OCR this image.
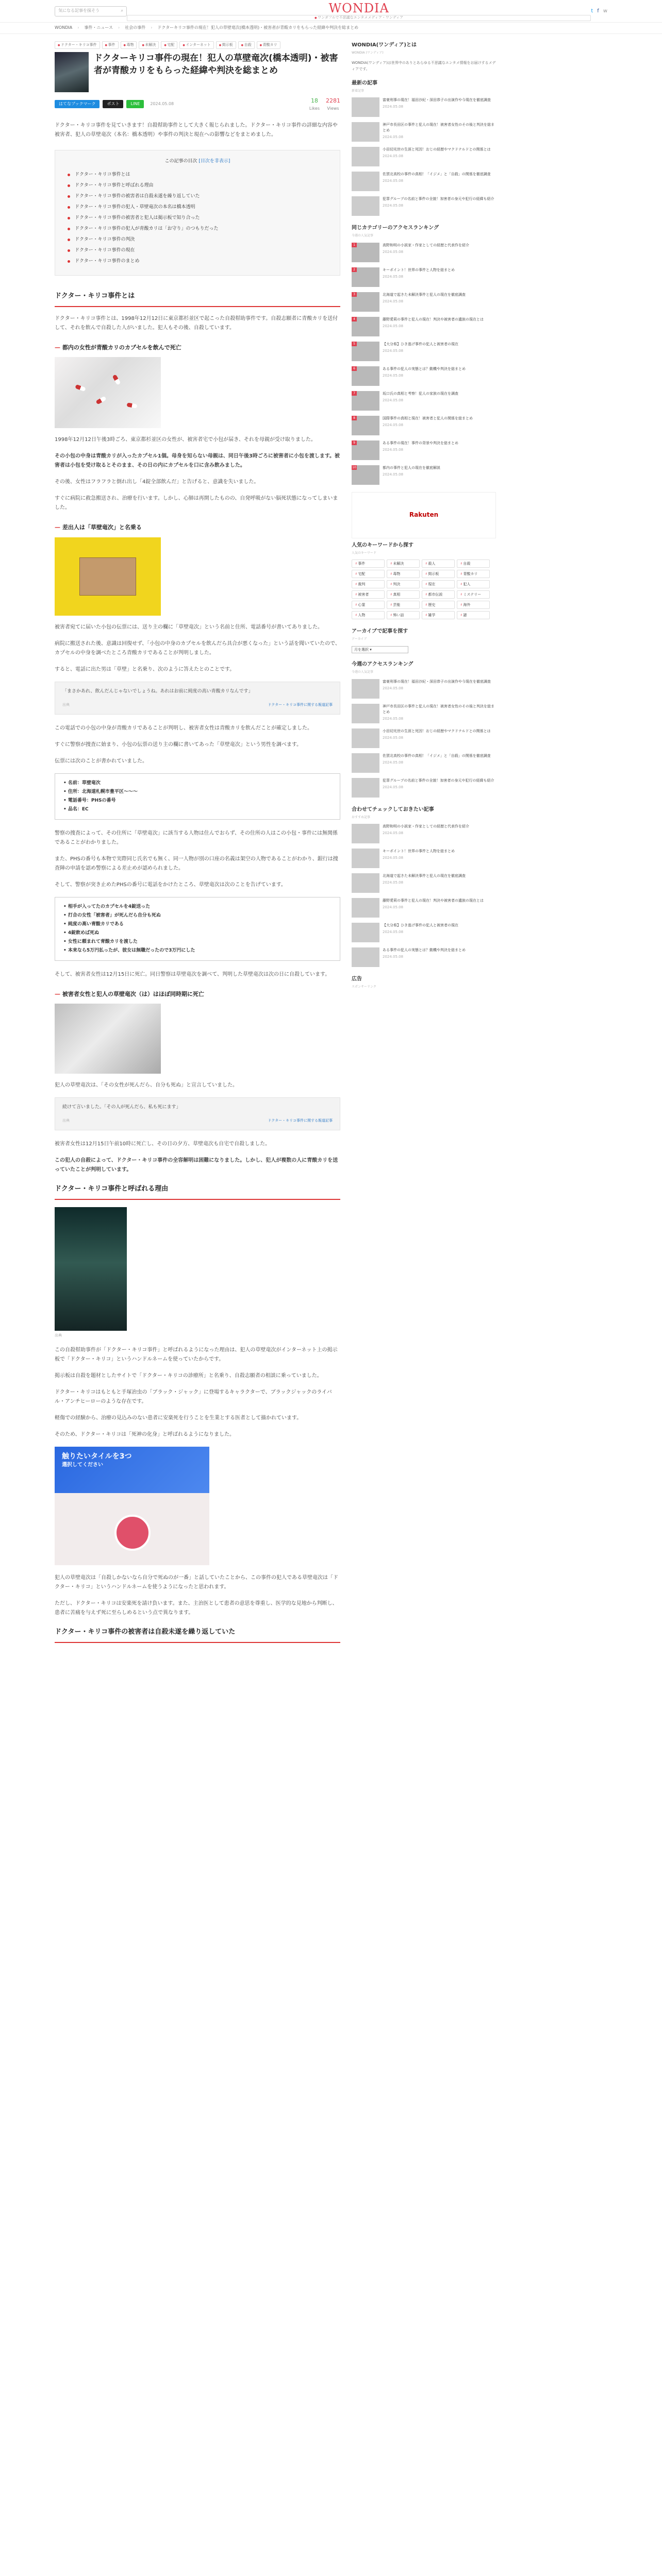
気になる記事を探そう	⌕	WONDIA
● ワンダフルで不思議なエンタメメディア・ワンディア
t f w
WONDIA › 事件・ニュース › 社会の事件 › ドクターキリコ事件の現在！犯人の草壁竜次(橋本透明)・被害者が青酸カリをもらった経緯や判決を総まとめ
● ドクター・キリコ事件	● 事件	● 毒物	● 未解決	● 宅配	● インターネット	● 掲示板	● 自殺	● 青酸カリ
ドクターキリコ事件の現在！犯人の草壁竜次(橋本透明)・被害者が青酸カリをもらった経緯や判決を総まとめ
はてなブックマーク	ポスト	LINE	2024.05.08	18
Likes
2281
Views

ドクター・キリコ事件を見ていきます！自殺幇助事件として大きく報じられました。ドクター・キリコ事件の詳細な内容や被害者、犯人の草壁竜次（本名：橋本透明）や事件の判決と現在への影響などをまとめました。

この記事の目次 [目次を非表示]
ドクター・キリコ事件とは
ドクター・キリコ事件と呼ばれる理由
ドクター・キリコ事件の被害者は自殺未遂を繰り返していた
ドクター・キリコ事件の犯人・草壁竜次の本名は橋本透明
ドクター・キリコ事件の被害者と犯人は掲示板で知り合った
ドクター・キリコ事件の犯人が青酸カリは「お守り」のつもりだった
ドクター・キリコ事件の判決
ドクター・キリコ事件の現在
ドクター・キリコ事件のまとめ
ドクター・キリコ事件とは

ドクター・キリコ事件とは、1998年12月12日に東京都杉並区で起こった自殺幇助事件です。自殺志願者に青酸カリを送付して、それを飲んで自殺した人がいました。犯人もその後、自殺しています。

— 都内の女性が青酸カリのカプセルを飲んで死亡

1998年12月12日午後3時ごろ、東京都杉並区の女性が、被害者宅で小包が届き、それを母親が受け取りました。

その小包の中身は青酸カリが入ったカプセル1個。母身を知らない母親は、同日午後3時ごろに被害者に小包を渡します。被害者は小包を受け取るとそのまま、その日の内にカプセルを口に含み飲みました。

その後、女性はフラフラと倒れ出し「4錠全部飲んだ」と告げると、意識を失いました。

すぐに病院に救急搬送され、治療を行います。しかし、心肺は再開したものの、自発呼吸がない脳死状態になってしまいました。

— 差出人は「草壁竜次」と名乗る

被害者宛てに届いた小包の伝票には、送り主の欄に「草壁竜次」という名前と住所、電話番号が書いてありました。

病院に搬送された後、意識は回復せず、「小包の中身のカプセルを飲んだら具合が悪くなった」という話を聞いていたので、カプセルの中身を調べたところ青酸カリであることが判明しました。

すると、電話に出た男は「草壁」と名乗り、次のように答えたとのことです。

「まさかあれ、飲んだんじゃないでしょうね。あれはお前に純度の高い青酸カリなんです」
出典	ドクター・キリコ事件に関する報道記事

この電話での小包の中身が青酸カリであることが判明し、被害者女性は青酸カリを飲んだことが確定しました。

すぐに警察が捜査に始まり、小包の伝票の送り主の欄に書いてあった「草壁竜次」という男性を調べます。

伝票には次のことが書かれていました。

• 名前：草壁竜次
• 住所：北海道札幌市豊平区〜〜〜
• 電話番号：PHSの番号
• 品名：EC

警察の捜査によって、その住所に「草壁竜次」に該当する人物は住んでおらず、その住所の人はこの小包・事件には無関係であることがわかりました。

また、PHSの番号も本物で実際同じ氏名でも無く、同一人物が別の口座の名義は架空の人物であることがわかり、銀行は捜査陣の申請を認め警察による差止めが認められました。

そして、警察が突き止めたPHSの番号に電話をかけたところ、草壁竜次は次のことを告げています。

• 相手が入ってたのカプセルを4錠送った
• 打合の女性「被害者」が死んだら自分も死ぬ
• 純度の高い青酸カリである
• 4錠飲めば死ぬ
• 女性に頼まれて青酸カリを渡した
• 本来なら5万円払ったが、彼女は無職だったので3万円にした

そして、被害者女性は12月15日に死亡。同日警察は草壁竜次を調べて、判明した草壁竜次は次の日に自殺しています。

— 被害者女性と犯人の草壁竜次（は）はほぼ同時期に死亡

犯人の草壁竜次は、「その女性が死んだら、自分も死ぬ」と宣言していました。

続けて言いました。「その人が死んだら、私も死にます」
出典	ドクター・キリコ事件に関する報道記事

被害者女性は12月15日午前10時に死亡し、その日の夕方、草壁竜次も自宅で自殺しました。

この犯人の自殺によって、ドクター・キリコ事件の全容解明は困難になりました。しかし、犯人が複数の人に青酸カリを送っていたことが判明しています。

ドクター・キリコ事件と呼ばれる理由
出典

この自殺幇助事件が「ドクター・キリコ事件」と呼ばれるようになった理由は、犯人の草壁竜次がインターネット上の掲示板で「ドクター・キリコ」というハンドルネームを使っていたからです。

掲示板は自殺を題材としたサイトで「ドクター・キリコの診療所」と名乗り、自殺志願者の相談に乗っていました。

ドクター・キリコはもともと手塚治虫の「ブラック・ジャック」に登場するキャラクターで、ブラックジャックのライバル・アンチヒーローのような存在です。

軽傷での経験から、治療の見込みのない患者に安楽死を行うことを生業とする医者として描かれています。

そのため、ドクター・キリコは「死神の化身」と呼ばれるようになりました。

触りたいタイルを3つ
選択してください

犯人の草壁竜次は「自殺しかないなら自分で死ぬのが一番」と話していたことから、この事件の犯人である草壁竜次は「ドクター・キリコ」というハンドルネームを使うようになったと思われます。

ただし、ドクター・キリコは安楽死を請け負います。また、主治医として患者の意思を尊重し、医学的な見地から判断し、患者に苦痛を与えず死に至らしめるという点で異なります。

ドクター・キリコ事件の被害者は自殺未遂を繰り返していた
WONDIA(ワンディア)とは
WONDIA (ワンディア)
WONDIA(ワンディア)は世界中のありとあらゆる不思議なエンタメ情報をお届けするメディアです。
最新の記事
新着記事
富豪刑事の現在！福田沙紀・深田恭子の出演作や今現在を徹底調査
2024.05.08
神戸市長田区の事件と犯人の現在！被害者女性のその後と判決を総まとめ
2024.05.08
小田切光世の生涯と死因！おじの経歴やマクドナルドとの関係とは
2024.05.08
佐賀北高校の事件の真相！「イジメ」と「自殺」の関係を徹底調査
2024.05.08
犯罪グループの名前と事件の全貌！加害者の身元や犯行の経緯も紹介
2024.05.08
同じカテゴリーのアクセスランキング
今週の人気記事
1 高野和明の小説家・作家としての経歴と代表作を紹介
2024.05.08
2 キーポイント！世界の事件と人物を総まとめ
2024.05.08
3 北海道で起きた未解決事件と犯人の現在を徹底調査
2024.05.08
4 藤野愛莉の事件と犯人の現在！判決や被害者の遺族の現在とは
2024.05.08
5 【大分県】ひき逃げ事件の犯人と被害者の現在
2024.05.08
6 ある事件の犯人の実態とは？動機や判決を総まとめ
2024.05.08
7 坂口氏の真相と考察！犯人の家族の現在を調査
2024.05.08
8 国際事件の真相と現在！被害者と犯人の関係を総まとめ
2024.05.08
9 ある事件の現在！事件の背景や判決を総まとめ
2024.05.08
10 都内の事件と犯人の現在を徹底解説
2024.05.08
Rakuten
人気のキーワードから探す
人気のキーワード
♯ 事件	♯ 未解決	♯ 殺人	♯ 自殺
♯ 宅配	♯ 毒物	♯ 掲示板	♯ 青酸カリ
♯ 裁判	♯ 判決	♯ 現在	♯ 犯人
♯ 被害者	♯ 真相	♯ 都市伝説	♯ ミステリー
♯ 心霊	♯ 芸能	♯ 歴史	♯ 海外
♯ 人物	♯ 怖い話	♯ 雑学	♯ 謎
アーカイブで記事を探す
アーカイブ
月を選択 ▾
今週のアクセスランキング
今週の人気記事
富豪刑事の現在！福田沙紀・深田恭子の出演作や今現在を徹底調査
2024.05.08
神戸市長田区の事件と犯人の現在！被害者女性のその後と判決を総まとめ
2024.05.08
小田切光世の生涯と死因！おじの経歴やマクドナルドとの関係とは
2024.05.08
佐賀北高校の事件の真相！「イジメ」と「自殺」の関係を徹底調査
2024.05.08
犯罪グループの名前と事件の全貌！加害者の身元や犯行の経緯も紹介
2024.05.08
合わせてチェックしておきたい記事
おすすめ記事
高野和明の小説家・作家としての経歴と代表作を紹介
2024.05.08
キーポイント！世界の事件と人物を総まとめ
2024.05.08
北海道で起きた未解決事件と犯人の現在を徹底調査
2024.05.08
藤野愛莉の事件と犯人の現在！判決や被害者の遺族の現在とは
2024.05.08
【大分県】ひき逃げ事件の犯人と被害者の現在
2024.05.08
ある事件の犯人の実態とは？動機や判決を総まとめ
2024.05.08
広告
スポンサーリンク
